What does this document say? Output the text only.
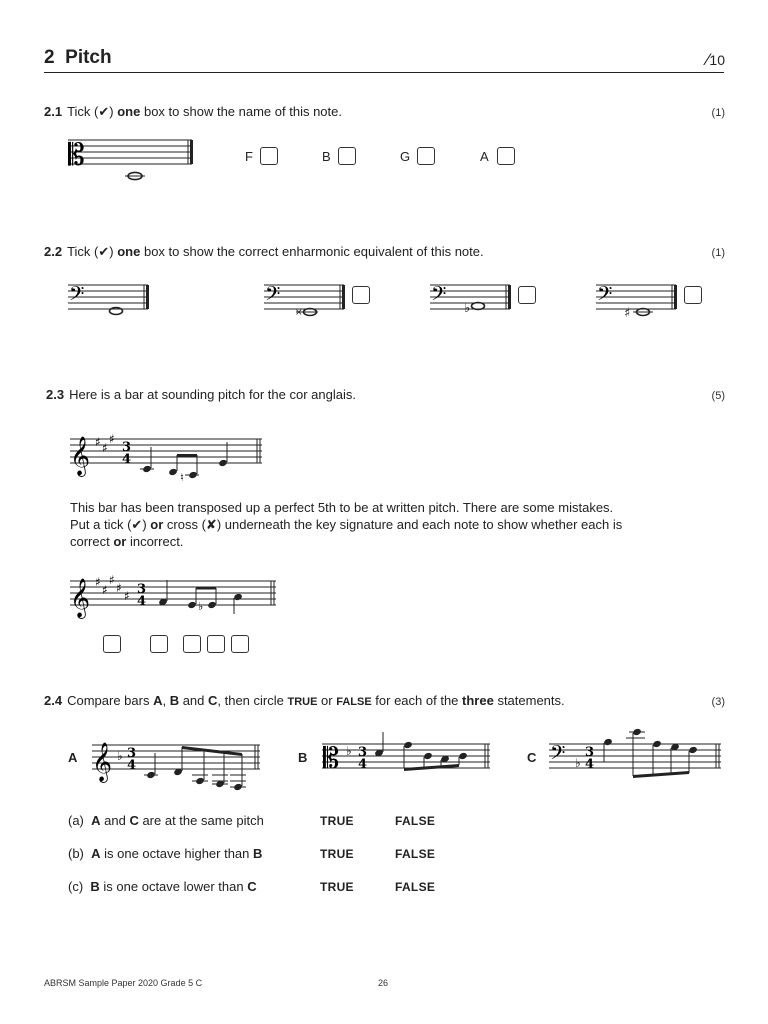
2 Pitch	⁄10
2.1 Tick (✔) one box to show the name of this note.	(1)
𝄡	F	B	G	A
2.2 Tick (✔) one box to show the correct enharmonic equivalent of this note.	(1)
𝄢	𝄢
×
𝄢 ♭	𝄢
♯
2.3 Here is a bar at sounding pitch for the cor anglais.	(5)
𝄞 ♯ ♯
♯
3
4
♮
This bar has been transposed up a perfect 5th to be at written pitch. There are some mistakes.
Put a tick (✔) or cross (✘) underneath the key signature and each note to show whether each is
correct or incorrect.
𝄞 ♯
♯
♯
♯
♯ 3
4	♭
2.4 Compare bars A, B and C, then circle TRUE or FALSE for each of the three statements.	(3)
A 𝄞 ♭ 3
4
B 𝄡 ♭ 3
4	C 𝄢 ♭
3
4
(a) A and C are at the same pitch	TRUE	FALSE
(b) A is one octave higher than B	TRUE	FALSE
(c) B is one octave lower than C	TRUE	FALSE
ABRSM Sample Paper 2020 Grade 5 C	26
